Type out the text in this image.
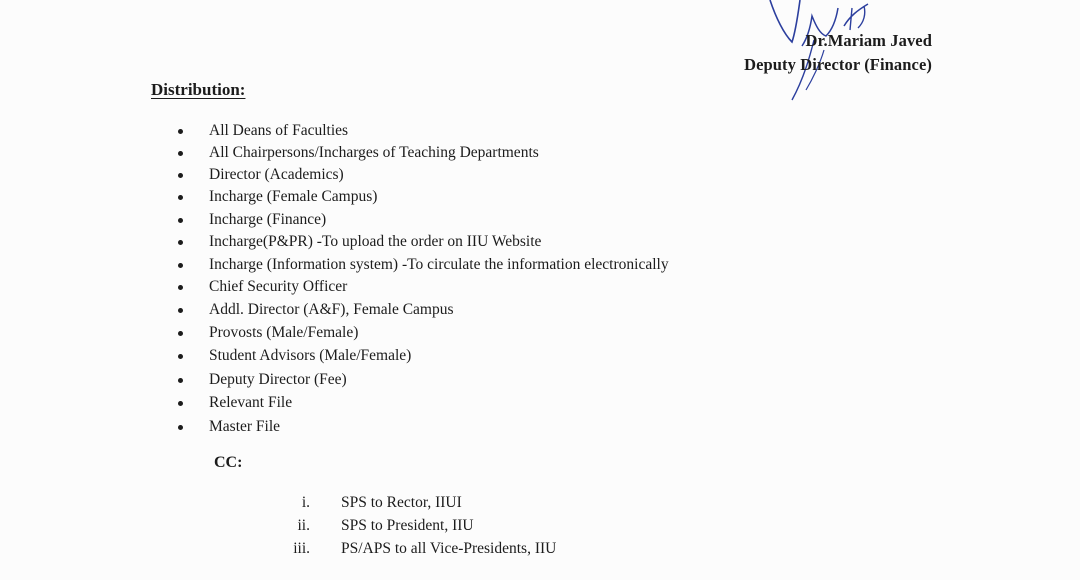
Dr.Mariam Javed
Deputy Director (Finance)
Distribution:
All Deans of Faculties
All Chairpersons/Incharges of Teaching Departments
Director (Academics)
Incharge (Female Campus)
Incharge (Finance)
Incharge(P&PR) -To upload the order on IIU Website
Incharge (Information system) -To circulate the information electronically
Chief Security Officer
Addl. Director (A&F), Female Campus
Provosts (Male/Female)
Student Advisors (Male/Female)
Deputy Director (Fee)
Relevant File
Master File
CC:
i. SPS to Rector, IIUI
ii. SPS to President, IIU
iii. PS/APS to all Vice-Presidents, IIU
